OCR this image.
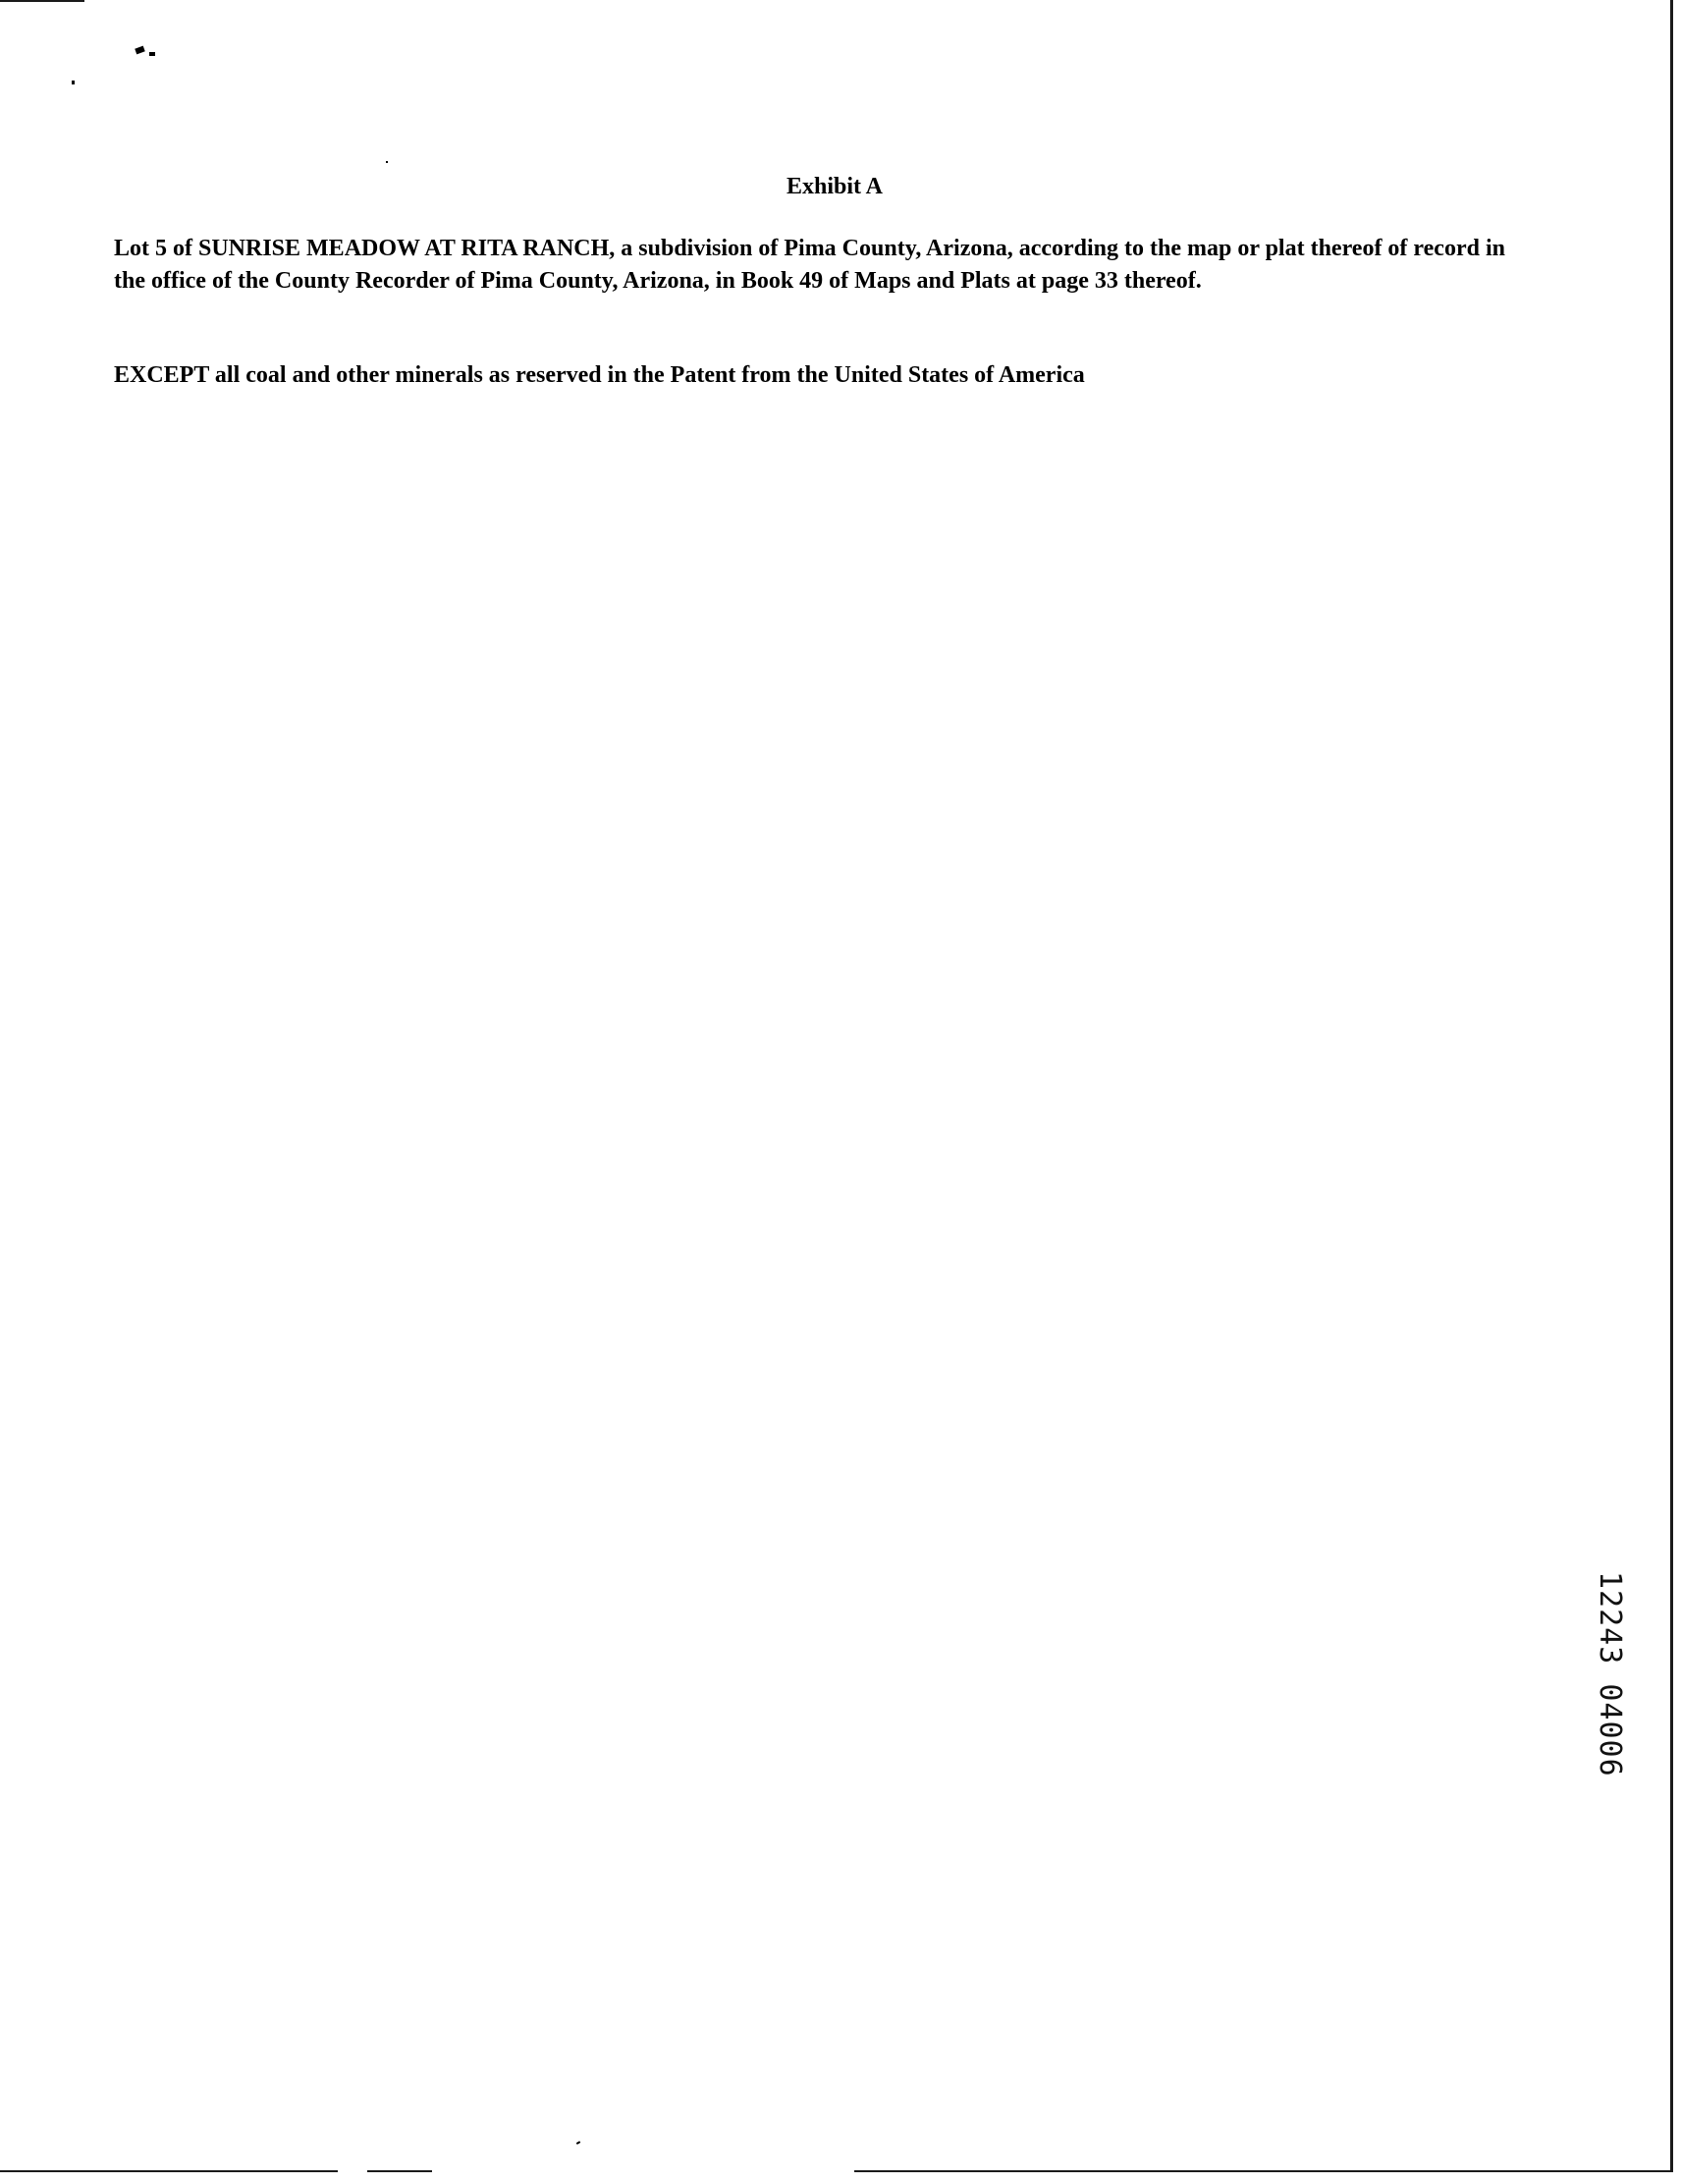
Exhibit A
Lot 5 of SUNRISE MEADOW AT RITA RANCH, a subdivision of Pima County, Arizona, according to the map or plat thereof of record in the office of the County Recorder of Pima County, Arizona, in Book 49 of Maps and Plats at page 33 thereof.
EXCEPT all coal and other minerals as reserved in the Patent from the United States of America
12243 04006
